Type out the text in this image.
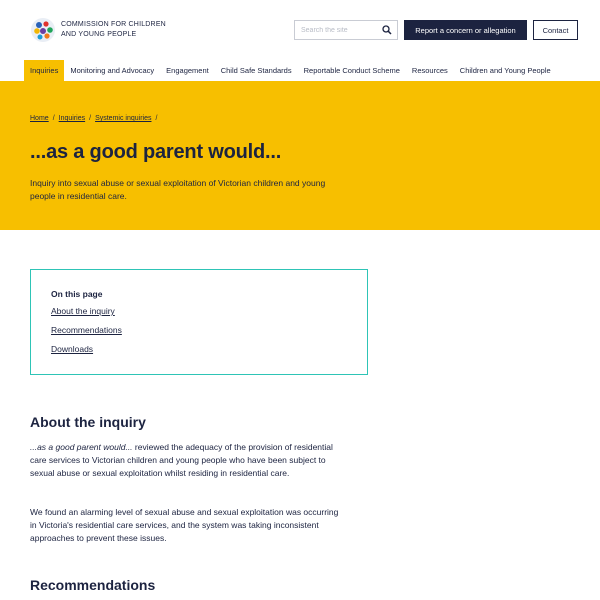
COMMISSION FOR CHILDREN
AND YOUNG PEOPLE
Search the site	Report a concern or allegation	Contact
Inquiries	Monitoring and Advocacy	Engagement	Child Safe Standards	Reportable Conduct Scheme	Resources	Children and Young People
Home / Inquiries / Systemic inquiries /
...as a good parent would...

Inquiry into sexual abuse or sexual exploitation of Victorian children and young people in residential care.

On this page
About the inquiry
Recommendations
Downloads
About the inquiry

...as a good parent would... reviewed the adequacy of the provision of residential care services to Victorian children and young people who have been subject to sexual abuse or sexual exploitation whilst residing in residential care.

We found an alarming level of sexual abuse and sexual exploitation was occurring in Victoria's residential care services, and the system was taking inconsistent approaches to prevent these issues.

Recommendations
